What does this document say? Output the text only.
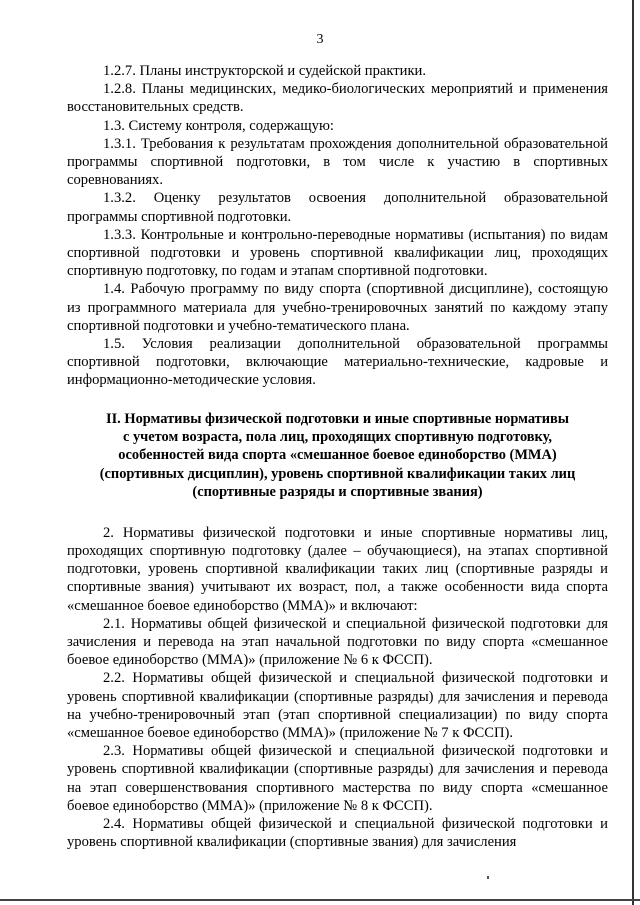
3

1.2.7. Планы инструкторской и судейской практики.

1.2.8. Планы медицинских, медико-биологических мероприятий и применения восстановительных средств.

1.3. Систему контроля, содержащую:

1.3.1. Требования к результатам прохождения дополнительной образовательной программы спортивной подготовки, в том числе к участию в спортивных соревнованиях.

1.3.2. Оценку результатов освоения дополнительной образовательной программы спортивной подготовки.

1.3.3. Контрольные и контрольно-переводные нормативы (испытания) по видам спортивной подготовки и уровень спортивной квалификации лиц, проходящих спортивную подготовку, по годам и этапам спортивной подготовки.

1.4. Рабочую программу по виду спорта (спортивной дисциплине), состоящую из программного материала для учебно-тренировочных занятий по каждому этапу спортивной подготовки и учебно-тематического плана.

1.5. Условия реализации дополнительной образовательной программы спортивной подготовки, включающие материально-технические, кадровые и информационно-методические условия.

II. Нормативы физической подготовки и иные спортивные нормативы
с учетом возраста, пола лиц, проходящих спортивную подготовку,
особенностей вида спорта «смешанное боевое единоборство (ММА)
(спортивных дисциплин), уровень спортивной квалификации таких лиц
(спортивные разряды и спортивные звания)

2. Нормативы физической подготовки и иные спортивные нормативы лиц, проходящих спортивную подготовку (далее – обучающиеся), на этапах спортивной подготовки, уровень спортивной квалификации таких лиц (спортивные разряды и спортивные звания) учитывают их возраст, пол, а также особенности вида спорта «смешанное боевое единоборство (ММА)» и включают:

2.1. Нормативы общей физической и специальной физической подготовки для зачисления и перевода на этап начальной подготовки по виду спорта «смешанное боевое единоборство (ММА)» (приложение № 6 к ФССП).

2.2. Нормативы общей физической и специальной физической подготовки и уровень спортивной квалификации (спортивные разряды) для зачисления и перевода на учебно-тренировочный этап (этап спортивной специализации) по виду спорта «смешанное боевое единоборство (ММА)» (приложение № 7 к ФССП).

2.3. Нормативы общей физической и специальной физической подготовки и уровень спортивной квалификации (спортивные разряды) для зачисления и перевода на этап совершенствования спортивного мастерства по виду спорта «смешанное боевое единоборство (ММА)» (приложение № 8 к ФССП).

2.4. Нормативы общей физической и специальной физической подготовки и уровень спортивной квалификации (спортивные звания) для зачисления
